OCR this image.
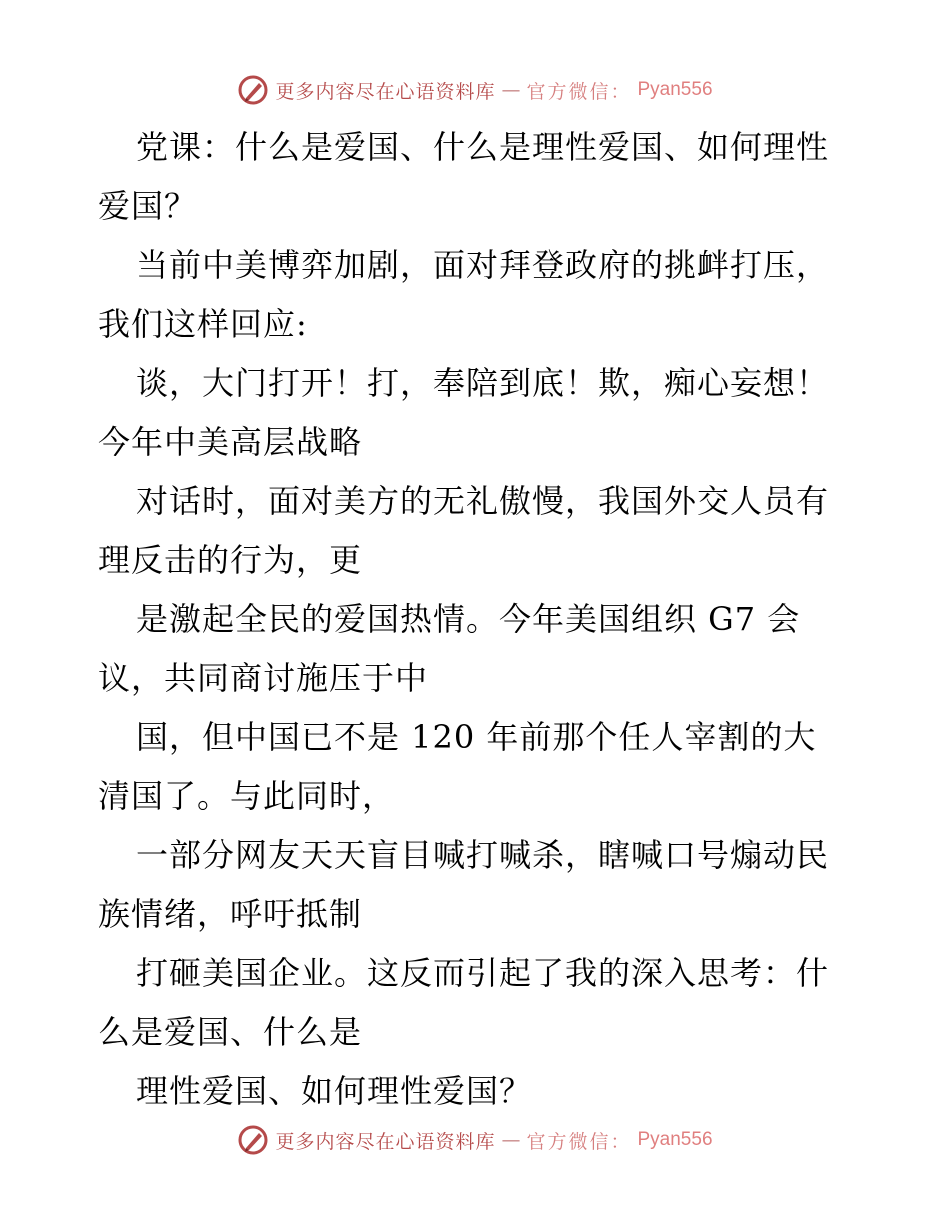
更多内容尽在心语资料库 — 官方微信： Pyan556
党课：什么是爱国、什么是理性爱国、如何理性
爱国？
当前中美博弈加剧，面对拜登政府的挑衅打压，
我们这样回应:
谈，大门打开！打，奉陪到底！欺，痴心妄想！
今年中美高层战略
对话时，面对美方的无礼傲慢，我国外交人员有
理反击的行为，更
是激起全民的爱国热情。今年美国组织 G7 会
议，共同商讨施压于中
国，但中国已不是 120 年前那个任人宰割的大
清国了。与此同时，
一部分网友天天盲目喊打喊杀，瞎喊口号煽动民
族情绪，呼吁抵制
打砸美国企业。这反而引起了我的深入思考：什
么是爱国、什么是
理性爱国、如何理性爱国？
更多内容尽在心语资料库 — 官方微信： Pyan556
